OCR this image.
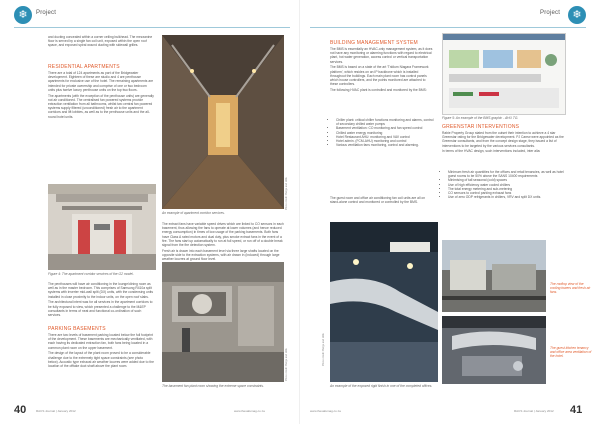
❄ Project

and ducting concealed within a corner ceiling bulkhead. The mezzanine floor is served by a single fan coil unit, exposed within the open roof space, and exposed spiral wound ducting with sidewall grilles.

RESIDENTIAL APARTMENTS

There are a total of 124 apartments as part of the Bridgewater development. Eighteen of these are studio and 4 are penthouse apartments for exclusive use of the hotel. The remaining apartments are intended for private ownership and comprise of one or two bedroom units plus twelve luxury penthouse units on the top two floors.

The apartments (with the exception of the penthouse units) are generally not air conditioned. The centralised fan powered systems provide extraction ventilation from all bathrooms, whilst two central fan powered systems supply filtered (unconditioned) fresh air to the apartment corridors and lift lobbies, as well as to the penthouse units and the all-round hotel units.

Figure 4: The apartment corridor services of the G2 model.

The penthouses will have air conditioning in the lounge/dining room as well as in the master bedroom. This comprises of Samsung R410a split systems with inverter mid-wall split (DX) units, with the condensing units installed in close proximity to the indoor units, on the open roof slabs.

The architectural intent was for all services in the apartment corridors to be fully exposed to view, which presented a challenge to the M&EP consultants in terms of neat and functional co-ordination of such services.

PARKING BASEMENTS

There are two levels of basement parking located below the full footprint of the development. These basements are mechanically ventilated, with each having its dedicated extraction fan, both fans being located in a common plant room on the upper basement.

The design of the layout of the plant room proved to be a considerable challenge due to the extremely tight space constraints (see photo below). Acoustic type exhaust air weather louvres were added due to the location of the offtake duct shaft above the plant room.

Photo credit: Bergs and Hills
An example of apartment corridor services.

The extract fans have variable speed drives which are linked to CO sensors in each basement, thus allowing the fans to operate at lower volumes (and hence reduced energy consumption) in times of low usage of the parking basements. Both fans have Class A rated motors and dual duty, plus smoke extract fans in the event of a fire. The fans start up automatically to run at full speed, or run off of a double break signal from the fire detection system.

Fresh air is drawn into each basement level via three large shafts located on the opposite side to the extraction systems, with air drawn in (induced) through large weather louvres at ground floor level.

Photo credit: Bergs and Hills
The basement fan plant room showing the extreme space constraints.
40	RACS Journal | January 2012	www.thesafemag.co.za
❄
Project
BUILDING MANAGEMENT SYSTEM

The BMS is essentially an HVAC-only management system, as it does not have any monitoring or alarming functions with regard to electrical plant, hot water generation, access control or vertical transportation services.

The BMS is based on a state of the art 'Tridium Niagara Framework platform', which resides on an IP backbone which is installed throughout the buildings. Each main plant room has control panels which house controllers, and the points monitored are attached to these controllers.

The following HVAC plant is controlled and monitored by the BMS:

• Chiller plant: critical chiller functions monitoring and alarms, control of secondary chilled water pumps
• Basement ventilation: CO monitoring and fan speed control
• Chilled water energy monitoring
• Hotel Restaurant AHU: monitoring and VAV control
• Hotel admin. (FCM-AHU) monitoring and control
• Various ventilation fans monitoring, control and alarming.

The guest room and office air conditioning fan coil units are all on stand-alone control and monitored or controlled by the BMS.

Photo credit: Bergs and Hills
An example of the exposed rigid finish in one of the completed offices.
Figure 5: An example of the BMS graphic - AHU TG.
GREENSTAR INTERVENTIONS

Rabie Property Group stated from the outset their intention to achieve a 4 star Greenstar rating for the Bridgewater development. PJ Carew were appointed as the Greenstar consultants, and from the concept design stage, they issued a list of interventions to be targeted by the various services consultants.

In terms of the HVAC design, such interventions included, inter alia:

• Minimum fresh air quantities for the offices and retail tenancies, as well as hotel guest rooms to be 50% above the SANS 10400 requirements
• Minimising of tall seasonal (cold) spaces
• Use of high efficiency water cooled chillers
• The total energy metering and sub-metering
• CO sensors to control parking exhaust fans
• Use of zero ODP refrigerants in chillers, VRV and split DX units.
The rooftop view of the cooling towers and fresh air fans.
The guest kitchen tenancy and office area ventilation of the hotel.
www.thesafemag.co.za	RACS Journal | January 2012 41
